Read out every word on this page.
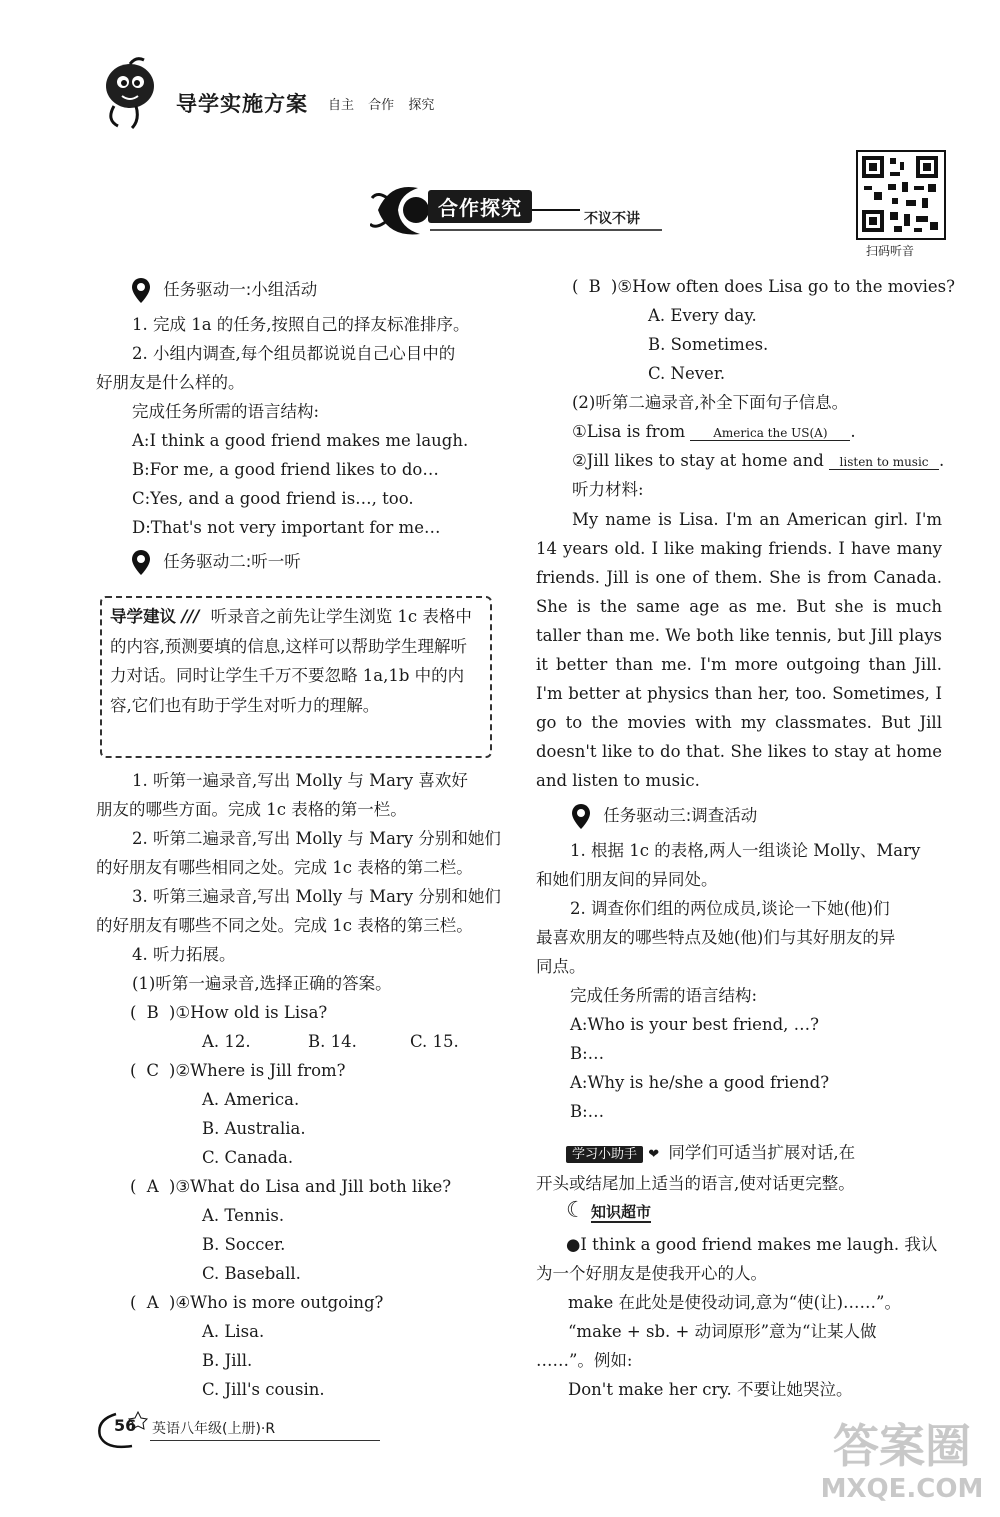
导学实施方案 自主 合作 探究
扫码听音
合作探究	不议不讲
任务驱动一:小组活动
1. 完成 1a 的任务,按照自己的择友标准排序。
2. 小组内调查,每个组员都说说自己心目中的
好朋友是什么样的。
完成任务所需的语言结构:
A:I think a good friend makes me laugh.
B:For me, a good friend likes to do…
C:Yes, and a good friend is…, too.
D:That's not very important for me…
任务驱动二:听一听
导学建议 /// 听录音之前先让学生浏览 1c 表格中的内容,预测要填的信息,这样可以帮助学生理解听力对话。同时让学生千万不要忽略 1a,1b 中的内容,它们也有助于学生对听力的理解。
1. 听第一遍录音,写出 Molly 与 Mary 喜欢好
朋友的哪些方面。完成 1c 表格的第一栏。
2. 听第二遍录音,写出 Molly 与 Mary 分别和她们
的好朋友有哪些相同之处。完成 1c 表格的第二栏。
3. 听第三遍录音,写出 Molly 与 Mary 分别和她们
的好朋友有哪些不同之处。完成 1c 表格的第三栏。
4. 听力拓展。
(1)听第一遍录音,选择正确的答案。
( B )①How old is Lisa?
A. 12.	B. 14.	C. 15.
( C )②Where is Jill from?
A. America.
B. Australia.
C. Canada.
( A )③What do Lisa and Jill both like?
A. Tennis.
B. Soccer.
C. Baseball.
( A )④Who is more outgoing?
A. Lisa.
B. Jill.
C. Jill's cousin.
( B )⑤How often does Lisa go to the movies?
A. Every day.
B. Sometimes.
C. Never.
(2)听第二遍录音,补全下面句子信息。
①Lisa is from America the US(A) .
②Jill likes to stay at home and listen to music .
听力材料:
My name is Lisa. I'm an American girl. I'm 14 years old. I like making friends. I have many friends. Jill is one of them. She is from Canada. She is the same age as me. But she is much taller than me. We both like tennis, but Jill plays it better than me. I'm more outgoing than Jill. I'm better at physics than her, too. Sometimes, I go to the movies with my classmates. But Jill doesn't like to do that. She likes to stay at home and listen to music.
任务驱动三:调查活动
1. 根据 1c 的表格,两人一组谈论 Molly、Mary
和她们朋友间的异同处。
2. 调查你们组的两位成员,谈论一下她(他)们
最喜欢朋友的哪些特点及她(他)们与其好朋友的异
同点。
完成任务所需的语言结构:
A:Who is your best friend, …?
B:…
A:Why is he/she a good friend?
B:…
学习小助手 ❤ 同学们可适当扩展对话,在
开头或结尾加上适当的语言,使对话更完整。
☾ 知识超市
●I think a good friend makes me laugh. 我认
为一个好朋友是使我开心的人。
make 在此处是使役动词,意为“使(让)……”。
“make + sb. + 动词原形”意为“让某人做
……”。例如:
Don't make her cry. 不要让她哭泣。
56 英语八年级(上册)·R	答案圈
MXQE.COM
